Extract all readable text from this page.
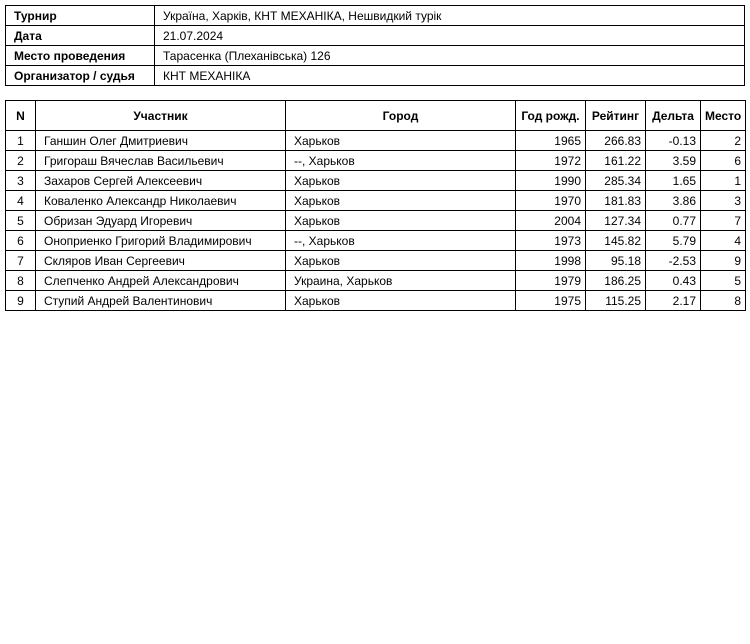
Турнир	Україна, Харків, КНТ МЕХАНІКА, Нешвидкий турік
Дата	21.07.2024
Место проведения	Тарасенка (Плеханівська) 126
Организатор / судья	КНТ МЕХАНІКА
N	Участник	Город	Год рожд.	Рейтинг	Дельта	Место
1	Ганшин Олег Дмитриевич	Харьков	1965	266.83	-0.13	2
2	Григораш Вячеслав Васильевич	--, Харьков	1972	161.22	3.59	6
3	Захаров Сергей Алексеевич	Харьков	1990	285.34	1.65	1
4	Коваленко Александр Николаевич	Харьков	1970	181.83	3.86	3
5	Обризан Эдуард Игоревич	Харьков	2004	127.34	0.77	7
6	Оноприенко Григорий Владимирович	--, Харьков	1973	145.82	5.79	4
7	Скляров Иван Сергеевич	Харьков	1998	95.18	-2.53	9
8	Слепченко Андрей Александрович	Украина, Харьков	1979	186.25	0.43	5
9	Ступий Андрей Валентинович	Харьков	1975	115.25	2.17	8
